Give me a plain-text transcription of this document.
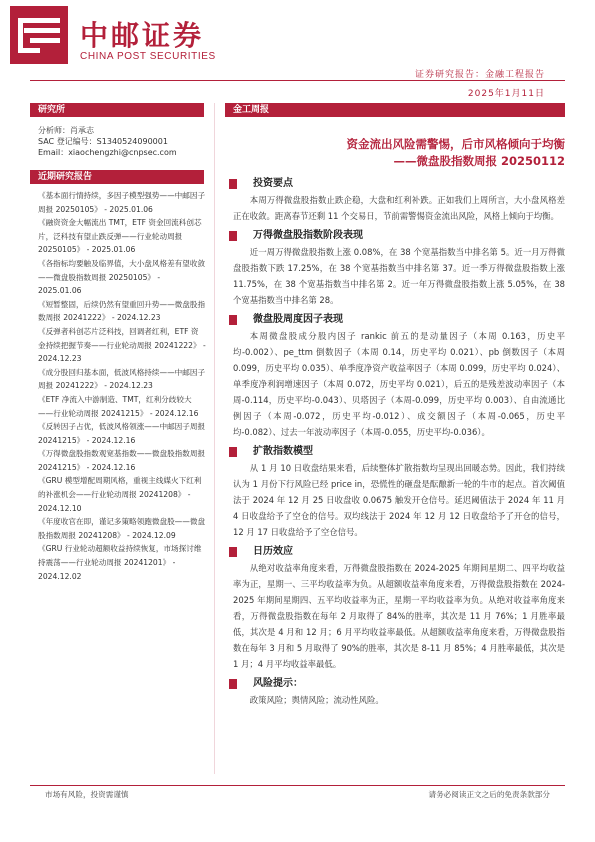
中邮证券
CHINA POST SECURITIES
证券研究报告：金融工程报告
2025年1月11日
研究所
分析师：肖承志
SAC 登记编号：S1340524090001
Email：xiaochengzhi@cnpsec.com
近期研究报告

《基本面行情持续，多因子模型强势——中邮因子周报 20250105》 - 2025.01.06

《融资资金大幅流出 TMT，ETF 资金回流科创芯片，泛科技有望止跌反弹——行业轮动周报 20250105》 - 2025.01.06

《各指标均要触及临界值，大小盘风格差有望收敛 ——微盘股指数周报 20250105》 - 2025.01.06

《短暂整固，后续仍然有望重回升势——微盘股指数周报 20241222》 - 2024.12.23

《反弹者科创芯片泛科技，回调者红利，ETF 资金持续把握节奏——行业轮动周报 20241222》 - 2024.12.23

《成分股回归基本面，低波风格持续——中邮因子周报 20241222》 - 2024.12.23

《ETF 净流入中游制造、TMT，红利分歧较大——行业轮动周报 20241215》 - 2024.12.16

《反转因子占优，低波风格领涨——中邮因子周报 20241215》 - 2024.12.16

《万得微盘股指数观宽基指数——微盘股指数周报 20241215》 - 2024.12.16

《GRU 模型增配周期风格，重视主线媒火下红利的补涨机会——行业轮动周报 20241208》 - 2024.12.10

《年度收官在即，谨记多策略领跑微盘股——微盘股指数周报 20241208》 - 2024.12.09

《GRU 行业轮动超额收益持续恢复，市场探讨维持震荡——行业轮动周报 20241201》 - 2024.12.02

金工周报
资金流出风险需警惕，后市风格倾向于均衡
——微盘股指数周报 20250112
投资要点

本周万得微盘股指数止跌企稳，大盘和红利补跌。正如我们上周所言，大小盘风格差正在收敛。距离春节还剩 11 个交易日，节前需警惕资金流出风险，风格上倾向于均衡。

万得微盘股指数阶段表现

近一周万得微盘股指数上涨 0.08%，在 38 个宽基指数当中排名第 5。近一月万得微盘股指数下跌 17.25%，在 38 个宽基指数当中排名第 37。近一季万得微盘股指数上涨 11.75%，在 38 个宽基指数当中排名第 2。近一年万得微盘股指数上涨 5.05%，在 38 个宽基指数当中排名第 28。

微盘股周度因子表现

本周微盘股成分股内因子 rankic 前五的是动量因子（本周 0.163，历史平均-0.002）、pe_ttm 倒数因子（本周 0.14，历史平均 0.021）、pb 倒数因子（本周 0.099，历史平均 0.035）、单季度净资产收益率因子（本周 0.099，历史平均 0.024）、单季度净利润增速因子（本周 0.072，历史平均 0.021），后五的是残差波动率因子（本周-0.114，历史平均-0.043）、贝塔因子（本周-0.099，历史平均 0.003）、自由流通比例因子（本周-0.072，历史平均-0.012）、成交额因子（本周-0.065，历史平均-0.082）、过去一年波动率因子（本周-0.055，历史平均-0.036）。

扩散指数模型

从 1 月 10 日收盘结果来看，后续整体扩散指数均呈现出回暖态势。因此，我们持续认为 1 月份下行风险已经 price in，恐慌性的砸盘是酝酿新一轮的牛市的起点。首次阈值法于 2024 年 12 月 25 日收盘收 0.0675 触发开仓信号。延迟阈值法于 2024 年 11 月 4 日收盘给予了空仓的信号。双均线法于 2024 年 12 月 12 日收盘给予了开仓的信号，12 月 17 日收盘给予了空仓信号。

日历效应

从绝对收益率角度来看，万得微盘股指数在 2024-2025 年期间星期二、四平均收益率为正，星期一、三平均收益率为负。从超额收益率角度来看，万得微盘股指数在 2024-2025 年期间星期四、五平均收益率为正，星期一平均收益率为负。从绝对收益率角度来看，万得微盘股指数在每年 2 月取得了 84%的胜率，其次是 11 月 76%；1 月胜率最低，其次是 4 月和 12 月；6 月平均收益率最低。从超额收益率角度来看，万得微盘股指数在每年 3 月和 5 月取得了 90%的胜率，其次是 8-11 月 85%；4 月胜率最低，其次是 1 月；4 月平均收益率最低。

风险提示：

政策风险；舆情风险；流动性风险。

市场有风险，投资需谨慎	请务必阅读正文之后的免责条款部分
